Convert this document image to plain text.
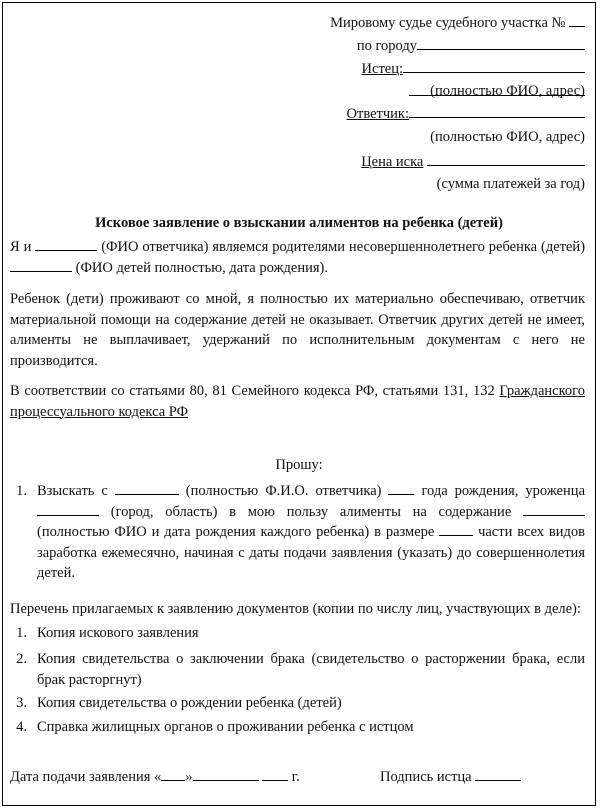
Мировому судье судебного участка №
по городу
Истец:
(полностью ФИО, адрес)
Ответчик:
(полностью ФИО, адрес)
Цена иска
(сумма платежей за год)
Исковое заявление о взыскании алиментов на ребенка (детей)
Я и	(ФИО ответчика) являемся родителями несовершеннолетнего ребенка (детей)  (ФИО детей полностью, дата рождения).
Ребенок (дети) проживают со мной, я полностью их материально обеспечиваю, ответчик материальной помощи на содержание детей не оказывает. Ответчик других детей не имеет, алименты не выплачивает, удержаний по исполнительным документам с него не производится.
В соответствии со статьями 80, 81 Семейного кодекса РФ, статьями 131, 132 Гражданского процессуального кодекса РФ
Прошу:
1. Взыскать с	(полностью Ф.И.О. ответчика)	года рождения, уроженца  (город, область) в мою пользу алименты на содержание  (полностью ФИО и дата рождения каждого ребенка) в размере	части всех видов заработка ежемесячно, начиная с даты подачи заявления (указать) до совершеннолетия детей.
Перечень прилагаемых к заявлению документов (копии по числу лиц, участвующих в деле):
1. Копия искового заявления
2. Копия свидетельства о заключении брака (свидетельство о расторжении брака, если брак расторгнут)
3. Копия свидетельства о рождении ребенка (детей)
4. Справка жилищных органов о проживании ребенка с истцом
Дата подачи заявления « »	г.	Подпись истца
